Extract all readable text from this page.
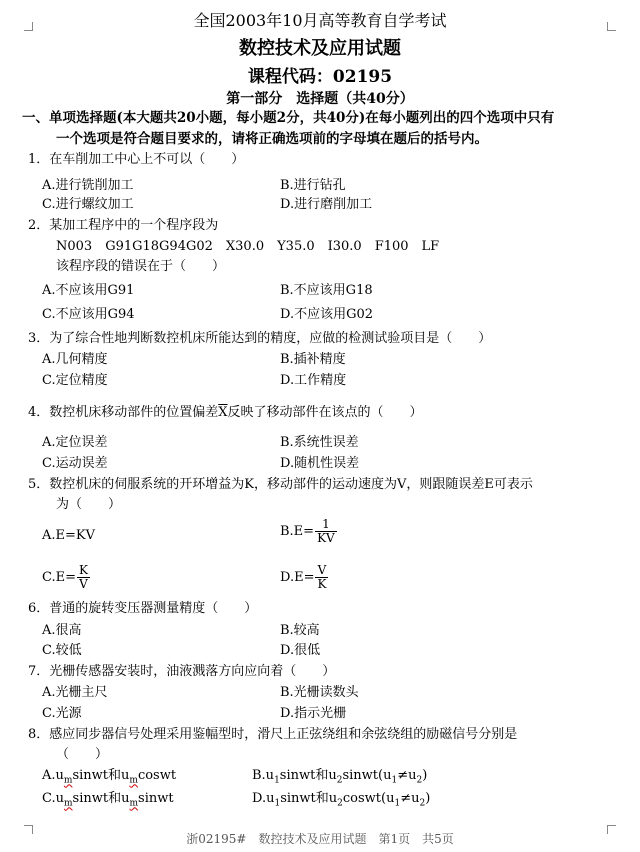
全国2003年10月高等教育自学考试
数控技术及应用试题
课程代码：02195
第一部分　选择题（共40分）
一、单项选择题(本大题共20小题，每小题2分，共40分)在每小题列出的四个选项中只有
一个选项是符合题目要求的，请将正确选项前的字母填在题后的括号内。
1．在车削加工中心上不可以（　　）
A.进行铣削加工	B.进行钻孔
C.进行螺纹加工	D.进行磨削加工
2．某加工程序中的一个程序段为
N003　G91G18G94G02　X30.0　Y35.0　I30.0　F100　LF
该程序段的错误在于（　　）
A.不应该用G91	B.不应该用G18
C.不应该用G94	D.不应该用G02
3．为了综合性地判断数控机床所能达到的精度，应做的检测试验项目是（　　）
A.几何精度	B.插补精度
C.定位精度	D.工作精度
4．数控机床移动部件的位置偏差$\overline{X}$反映了移动部件在该点的（　　）
A.定位误差	B.系统性误差
C.运动误差	D.随机性误差
5．数控机床的伺服系统的开环增益为K，移动部件的运动速度为V，则跟随误差E可表示
为（　　）
A.E=KV	$B.E= \frac{1}{KV}$
$C.E= \frac{K}{V}$	$D.E= \frac{V}{K}$
6．普通的旋转变压器测量精度（　　）
A.很高	B.较高
C.较低	D.很低
7．光栅传感器安装时，油液溅落方向应向着（　　）
A.光栅主尺	B.光栅读数头
C.光源	D.指示光栅
8．感应同步器信号处理采用鉴幅型时，滑尺上正弦绕组和余弦绕组的励磁信号分别是
（　　）
$A.u_msinwt$和$u_mcoswt$	$B.u_1sinwt$和$u_2sinwt(u_1\ne u_2)$
$C.u_msinwt$和$u_msinwt$	$D.u_1sinwt$和$u_2coswt(u_1\ne u_2)$
浙02195#　数控技术及应用试题　第1页　共5页
